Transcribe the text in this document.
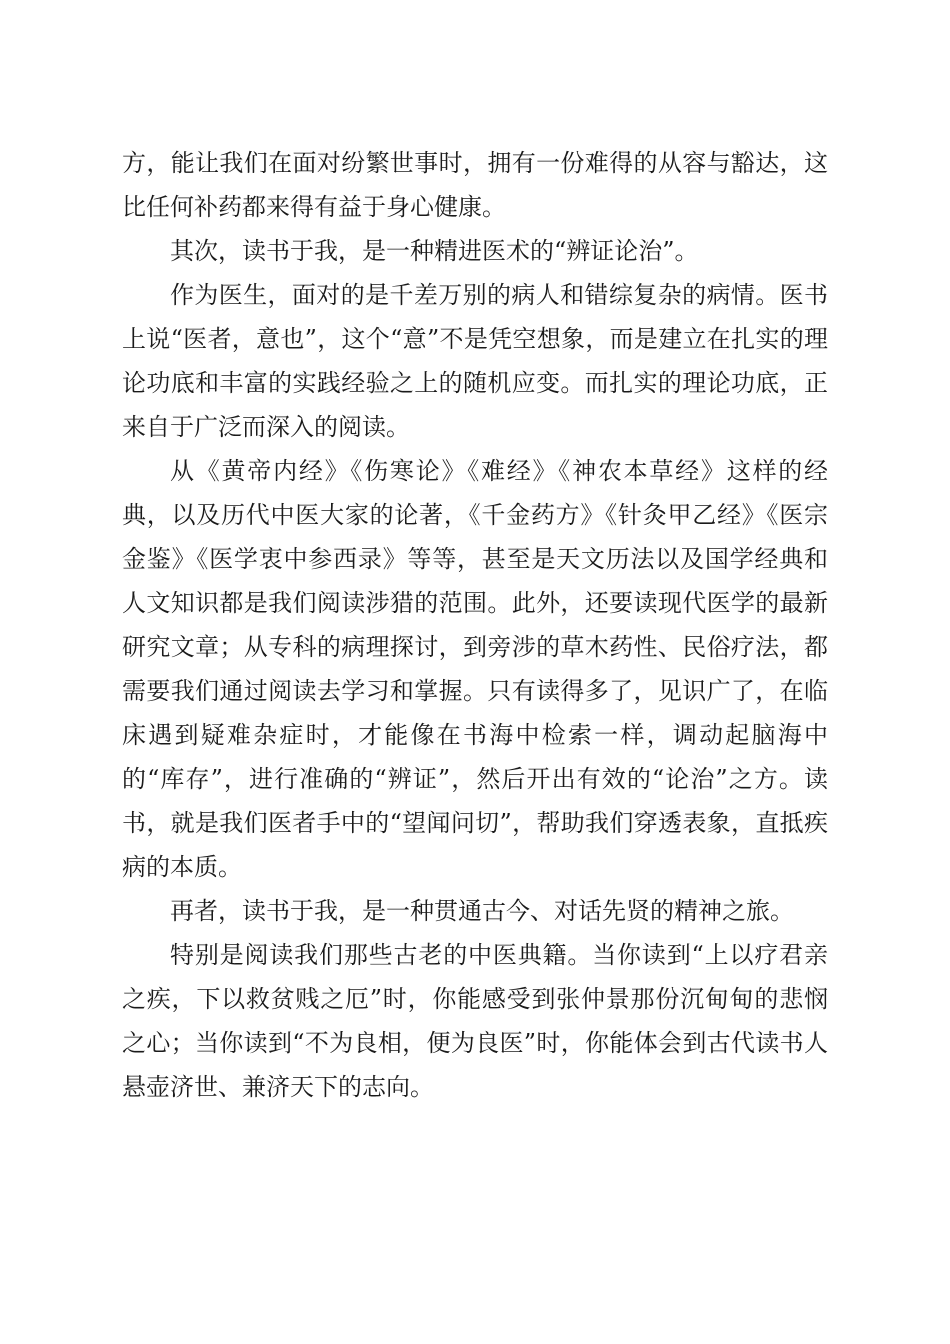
方，能让我们在面对纷繁世事时，拥有一份难得的从容与豁达，这比任何补药都来得有益于身心健康。

其次，读书于我，是一种精进医术的“辨证论治”。

作为医生，面对的是千差万别的病人和错综复杂的病情。医书上说“医者，意也”，这个“意”不是凭空想象，而是建立在扎实的理论功底和丰富的实践经验之上的随机应变。而扎实的理论功底，正来自于广泛而深入的阅读。

从《黄帝内经》《伤寒论》《难经》《神农本草经》这样的经典，以及历代中医大家的论著，《千金药方》《针灸甲乙经》《医宗金鉴》《医学衷中参西录》等等，甚至是天文历法以及国学经典和人文知识都是我们阅读涉猎的范围。此外，还要读现代医学的最新研究文章；从专科的病理探讨，到旁涉的草木药性、民俗疗法，都需要我们通过阅读去学习和掌握。只有读得多了，见识广了，在临床遇到疑难杂症时，才能像在书海中检索一样，调动起脑海中的“库存”，进行准确的“辨证”，然后开出有效的“论治”之方。读书，就是我们医者手中的“望闻问切”，帮助我们穿透表象，直抵疾病的本质。

再者，读书于我，是一种贯通古今、对话先贤的精神之旅。

特别是阅读我们那些古老的中医典籍。当你读到“上以疗君亲之疾，下以救贫贱之厄”时，你能感受到张仲景那份沉甸甸的悲悯之心；当你读到“不为良相，便为良医”时，你能体会到古代读书人悬壶济世、兼济天下的志向。
